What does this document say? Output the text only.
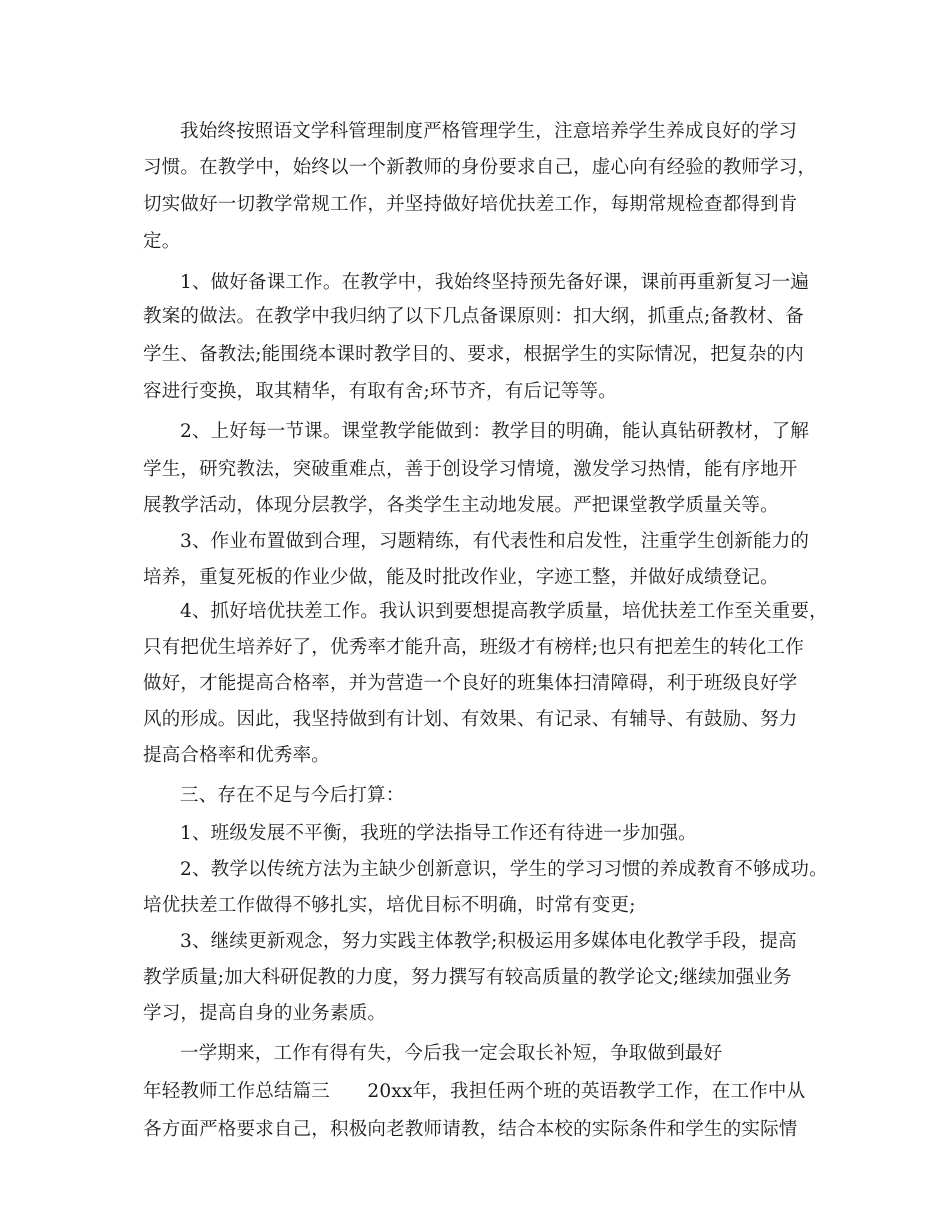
我始终按照语文学科管理制度严格管理学生，注意培养学生养成良好的学习
习惯。在教学中，始终以一个新教师的身份要求自己，虚心向有经验的教师学习，
切实做好一切教学常规工作，并坚持做好培优扶差工作，每期常规检查都得到肯
定。
1、做好备课工作。在教学中，我始终坚持预先备好课，课前再重新复习一遍
教案的做法。在教学中我归纳了以下几点备课原则：扣大纲，抓重点;备教材、备
学生、备教法;能围绕本课时教学目的、要求，根据学生的实际情况，把复杂的内
容进行变换，取其精华，有取有舍;环节齐，有后记等等。
2、上好每一节课。课堂教学能做到：教学目的明确，能认真钻研教材，了解
学生，研究教法，突破重难点，善于创设学习情境，激发学习热情，能有序地开
展教学活动，体现分层教学，各类学生主动地发展。严把课堂教学质量关等。
3、作业布置做到合理，习题精练，有代表性和启发性，注重学生创新能力的
培养，重复死板的作业少做，能及时批改作业，字迹工整，并做好成绩登记。
4、抓好培优扶差工作。我认识到要想提高教学质量，培优扶差工作至关重要，
只有把优生培养好了，优秀率才能升高，班级才有榜样;也只有把差生的转化工作
做好，才能提高合格率，并为营造一个良好的班集体扫清障碍，利于班级良好学
风的形成。因此，我坚持做到有计划、有效果、有记录、有辅导、有鼓励、努力
提高合格率和优秀率。
三、存在不足与今后打算：
1、班级发展不平衡，我班的学法指导工作还有待进一步加强。
2、教学以传统方法为主缺少创新意识，学生的学习习惯的养成教育不够成功。
培优扶差工作做得不够扎实，培优目标不明确，时常有变更;
3、继续更新观念，努力实践主体教学;积极运用多媒体电化教学手段，提高
教学质量;加大科研促教的力度，努力撰写有较高质量的教学论文;继续加强业务
学习，提高自身的业务素质。
一学期来，工作有得有失，今后我一定会取长补短，争取做到最好
年轻教师工作总结篇三　　20xx年，我担任两个班的英语教学工作，在工作中从
各方面严格要求自己，积极向老教师请教，结合本校的实际条件和学生的实际情
